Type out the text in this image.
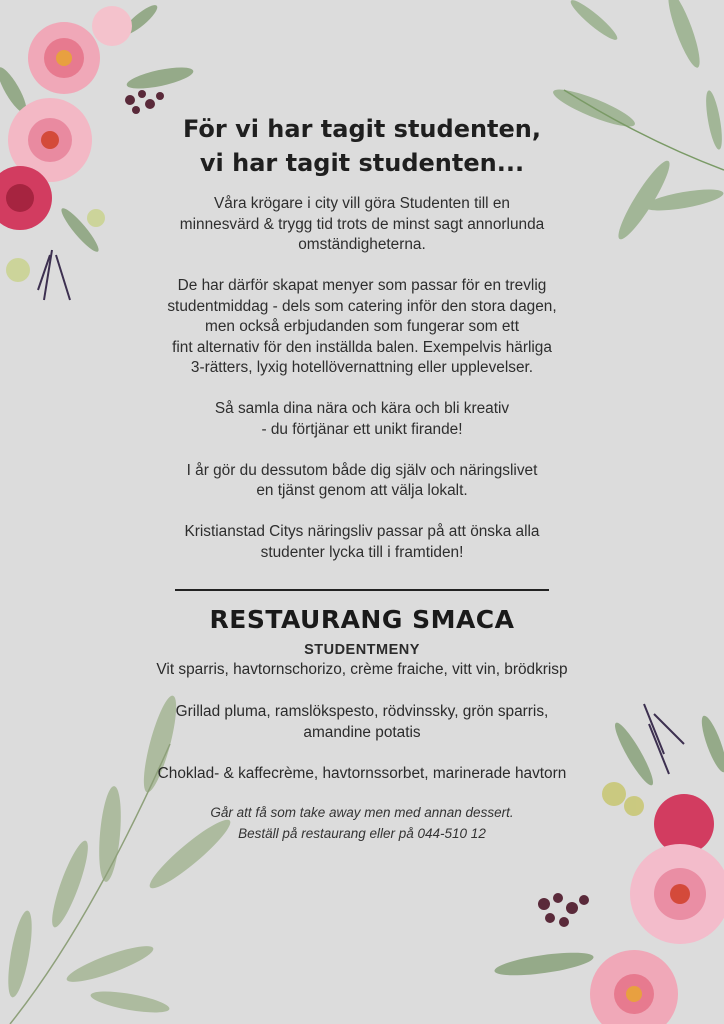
För vi har tagit studenten,
vi har tagit studenten...

Våra krögare i city vill göra Studenten till en
minnesvärd & trygg tid trots de minst sagt annorlunda
omständigheterna.

De har därför skapat menyer som passar för en trevlig
studentmiddag - dels som catering inför den stora dagen,
men också erbjudanden som fungerar som ett
fint alternativ för den inställda balen. Exempelvis härliga
3-rätters, lyxig hotellövernattning eller upplevelser.

Så samla dina nära och kära och bli kreativ
- du förtjänar ett unikt firande!

I år gör du dessutom både dig själv och näringslivet
en tjänst genom att välja lokalt.

Kristianstad Citys näringsliv passar på att önska alla
studenter lycka till i framtiden!

RESTAURANG SMACA
STUDENTMENY

Vit sparris, havtornschorizo, crème fraiche, vitt vin, brödkrisp

Grillad pluma, ramslökspesto, rödvinssky, grön sparris,
amandine potatis

Choklad- & kaffecrème, havtornssorbet, marinerade havtorn

Går att få som take away men med annan dessert.
Beställ på restaurang eller på 044-510 12
